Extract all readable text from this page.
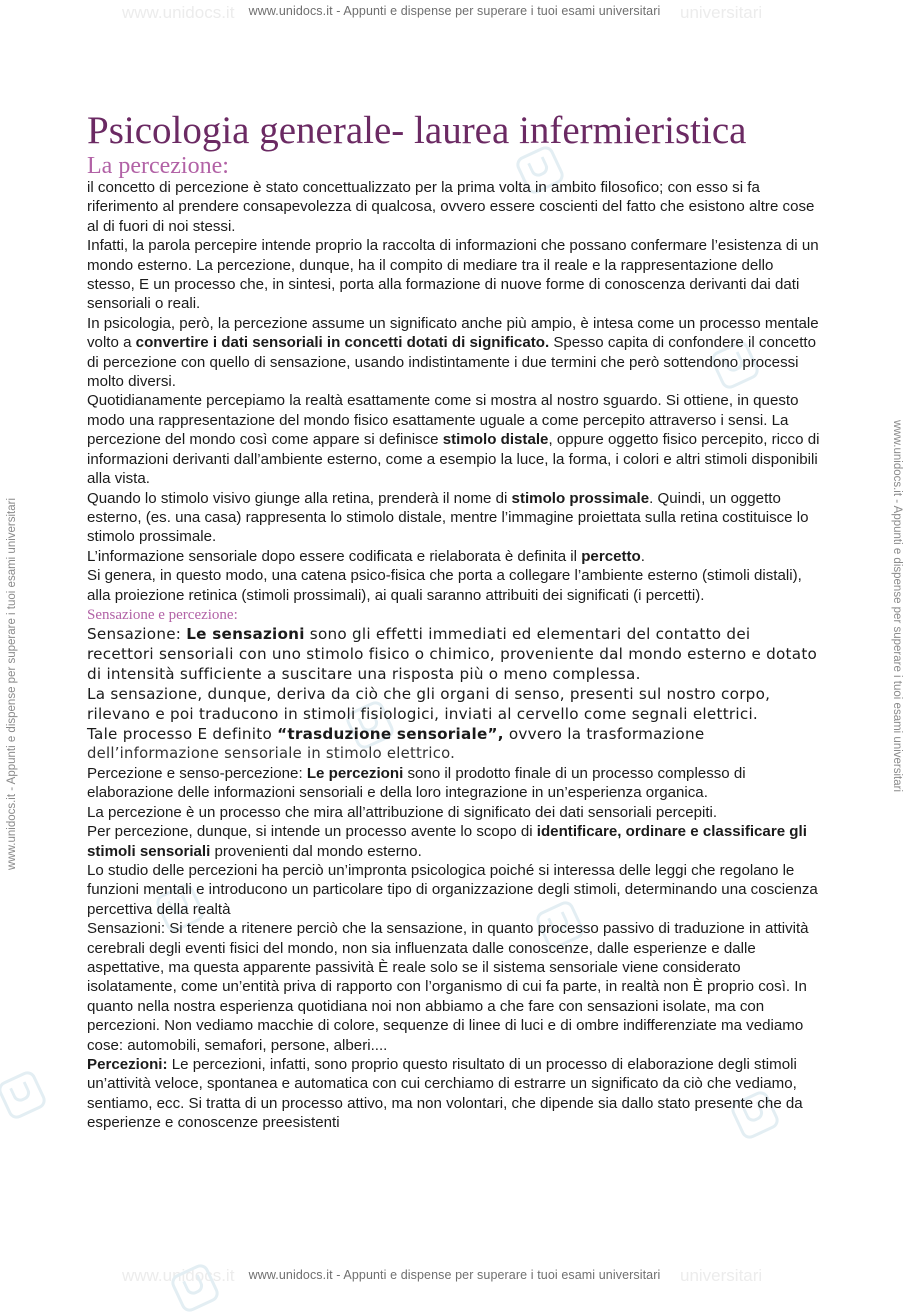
www.unidocs.it - Appunti e dispense per superare i tuoi esami universitari
www.unidocs.it	universitari
www.unidocs.it	universitari
www.unidocs.it - Appunti e dispense per superare i tuoi esami universitari	www.unidocs.it - Appunti e dispense per superare i tuoi esami universitari
Psicologia generale- laurea infermieristica
La percezione:

il concetto di percezione è stato concettualizzato per la prima volta in ambito filosofico; con esso si fa riferimento al prendere consapevolezza di qualcosa, ovvero essere coscienti del fatto che esistono altre cose al di fuori di noi stessi.

Infatti, la parola percepire intende proprio la raccolta di informazioni che possano confermare l’esistenza di un mondo esterno. La percezione, dunque, ha il compito di mediare tra il reale e la rappresentazione dello stesso, E un processo che, in sintesi, porta alla formazione di nuove forme di conoscenza derivanti dai dati sensoriali o reali.

In psicologia, però, la percezione assume un significato anche più ampio, è intesa come un processo mentale volto a convertire i dati sensoriali in concetti dotati di significato. Spesso capita di confondere il concetto di percezione con quello di sensazione, usando indistintamente i due termini che però sottendono processi molto diversi.

Quotidianamente percepiamo la realtà esattamente come si mostra al nostro sguardo. Si ottiene, in questo modo una rappresentazione del mondo fisico esattamente uguale a come percepito attraverso i sensi. La percezione del mondo così come appare si definisce stimolo distale, oppure oggetto fisico percepito, ricco di informazioni derivanti dall’ambiente esterno, come a esempio la luce, la forma, i colori e altri stimoli disponibili alla vista.

Quando lo stimolo visivo giunge alla retina, prenderà il nome di stimolo prossimale. Quindi, un oggetto esterno, (es. una casa) rappresenta lo stimolo distale, mentre l’immagine proiettata sulla retina costituisce lo stimolo prossimale.

L’informazione sensoriale dopo essere codificata e rielaborata è definita il percetto.

Si genera, in questo modo, una catena psico-fisica che porta a collegare l’ambiente esterno (stimoli distali), alla proiezione retinica (stimoli prossimali), ai quali saranno attribuiti dei significati (i percetti).

Sensazione e percezione:

Sensazione: Le sensazioni sono gli effetti immediati ed elementari del contatto dei recettori sensoriali con uno stimolo fisico o chimico, proveniente dal mondo esterno e dotato di intensità sufficiente a suscitare una risposta più o meno complessa.

La sensazione, dunque, deriva da ciò che gli organi di senso, presenti sul nostro corpo, rilevano e poi traducono in stimoli fisiologici, inviati al cervello come segnali elettrici.

Tale processo E definito “trasduzione sensoriale”, ovvero la trasformazione

dell’informazione sensoriale in stimolo elettrico.

Percezione e senso-percezione: Le percezioni sono il prodotto finale di un processo complesso di elaborazione delle informazioni sensoriali e della loro integrazione in un’esperienza organica.

La percezione è un processo che mira all’attribuzione di significato dei dati sensoriali percepiti.

Per percezione, dunque, si intende un processo avente lo scopo di identificare, ordinare e classificare gli stimoli sensoriali provenienti dal mondo esterno.

Lo studio delle percezioni ha perciò un’impronta psicologica poiché si interessa delle leggi che regolano le funzioni mentali e introducono un particolare tipo di organizzazione degli stimoli, determinando una coscienza percettiva della realtà

Sensazioni: Si tende a ritenere perciò che la sensazione, in quanto processo passivo di traduzione in attività cerebrali degli eventi fisici del mondo, non sia influenzata dalle conoscenze, dalle esperienze e dalle aspettative, ma questa apparente passività È reale solo se il sistema sensoriale viene considerato isolatamente, come un’entità priva di rapporto con l’organismo di cui fa parte, in realtà non È proprio così. In quanto nella nostra esperienza quotidiana noi non abbiamo a che fare con sensazioni isolate, ma con percezioni. Non vediamo macchie di colore, sequenze di linee di luci e di ombre indifferenziate ma vediamo cose: automobili, semafori, persone, alberi....

Percezioni: Le percezioni, infatti, sono proprio questo risultato di un processo di elaborazione degli stimoli un’attività veloce, spontanea e automatica con cui cerchiamo di estrarre un significato da ciò che vediamo, sentiamo, ecc. Si tratta di un processo attivo, ma non volontari, che dipende sia dallo stato presente che da esperienze e conoscenze preesistenti

www.unidocs.it - Appunti e dispense per superare i tuoi esami universitari
